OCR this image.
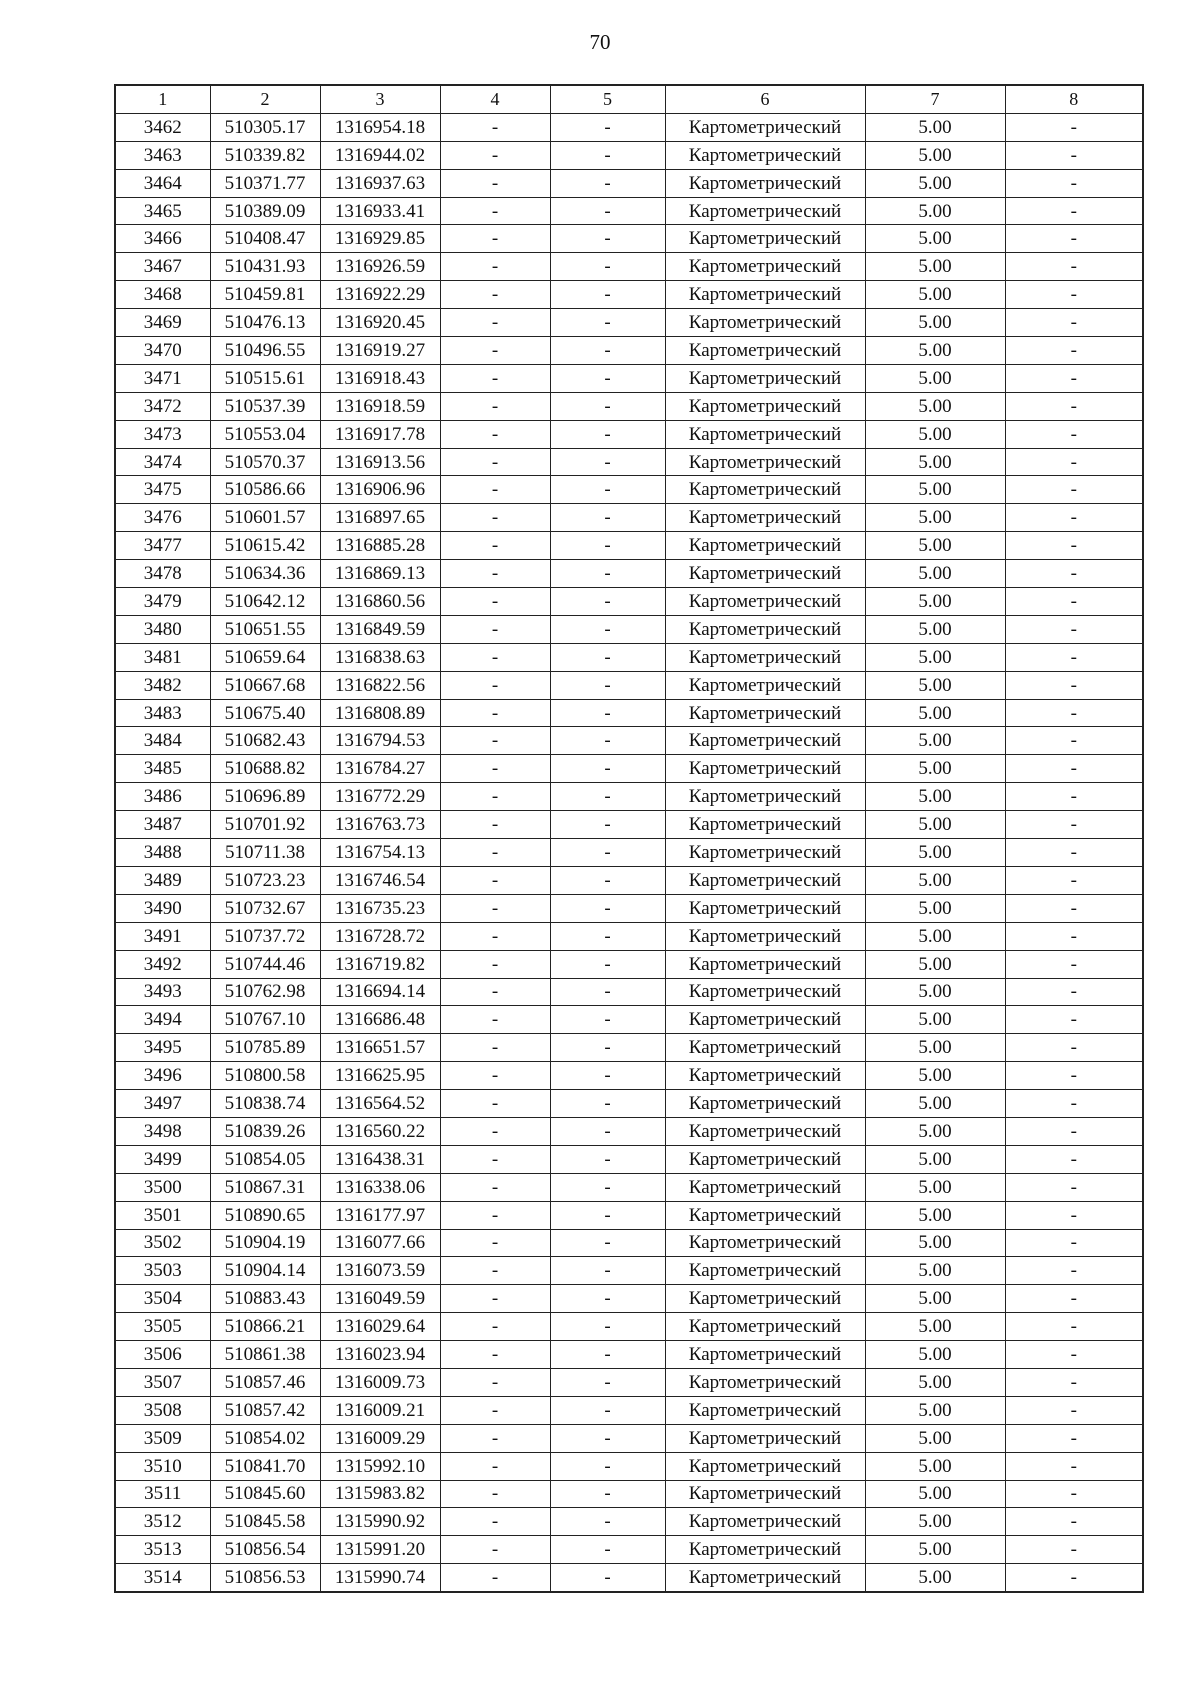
70
1	2	3	4	5	6	7	8
3462	510305.17	1316954.18	-	-	Картометрический	5.00	-
3463	510339.82	1316944.02	-	-	Картометрический	5.00	-
3464	510371.77	1316937.63	-	-	Картометрический	5.00	-
3465	510389.09	1316933.41	-	-	Картометрический	5.00	-
3466	510408.47	1316929.85	-	-	Картометрический	5.00	-
3467	510431.93	1316926.59	-	-	Картометрический	5.00	-
3468	510459.81	1316922.29	-	-	Картометрический	5.00	-
3469	510476.13	1316920.45	-	-	Картометрический	5.00	-
3470	510496.55	1316919.27	-	-	Картометрический	5.00	-
3471	510515.61	1316918.43	-	-	Картометрический	5.00	-
3472	510537.39	1316918.59	-	-	Картометрический	5.00	-
3473	510553.04	1316917.78	-	-	Картометрический	5.00	-
3474	510570.37	1316913.56	-	-	Картометрический	5.00	-
3475	510586.66	1316906.96	-	-	Картометрический	5.00	-
3476	510601.57	1316897.65	-	-	Картометрический	5.00	-
3477	510615.42	1316885.28	-	-	Картометрический	5.00	-
3478	510634.36	1316869.13	-	-	Картометрический	5.00	-
3479	510642.12	1316860.56	-	-	Картометрический	5.00	-
3480	510651.55	1316849.59	-	-	Картометрический	5.00	-
3481	510659.64	1316838.63	-	-	Картометрический	5.00	-
3482	510667.68	1316822.56	-	-	Картометрический	5.00	-
3483	510675.40	1316808.89	-	-	Картометрический	5.00	-
3484	510682.43	1316794.53	-	-	Картометрический	5.00	-
3485	510688.82	1316784.27	-	-	Картометрический	5.00	-
3486	510696.89	1316772.29	-	-	Картометрический	5.00	-
3487	510701.92	1316763.73	-	-	Картометрический	5.00	-
3488	510711.38	1316754.13	-	-	Картометрический	5.00	-
3489	510723.23	1316746.54	-	-	Картометрический	5.00	-
3490	510732.67	1316735.23	-	-	Картометрический	5.00	-
3491	510737.72	1316728.72	-	-	Картометрический	5.00	-
3492	510744.46	1316719.82	-	-	Картометрический	5.00	-
3493	510762.98	1316694.14	-	-	Картометрический	5.00	-
3494	510767.10	1316686.48	-	-	Картометрический	5.00	-
3495	510785.89	1316651.57	-	-	Картометрический	5.00	-
3496	510800.58	1316625.95	-	-	Картометрический	5.00	-
3497	510838.74	1316564.52	-	-	Картометрический	5.00	-
3498	510839.26	1316560.22	-	-	Картометрический	5.00	-
3499	510854.05	1316438.31	-	-	Картометрический	5.00	-
3500	510867.31	1316338.06	-	-	Картометрический	5.00	-
3501	510890.65	1316177.97	-	-	Картометрический	5.00	-
3502	510904.19	1316077.66	-	-	Картометрический	5.00	-
3503	510904.14	1316073.59	-	-	Картометрический	5.00	-
3504	510883.43	1316049.59	-	-	Картометрический	5.00	-
3505	510866.21	1316029.64	-	-	Картометрический	5.00	-
3506	510861.38	1316023.94	-	-	Картометрический	5.00	-
3507	510857.46	1316009.73	-	-	Картометрический	5.00	-
3508	510857.42	1316009.21	-	-	Картометрический	5.00	-
3509	510854.02	1316009.29	-	-	Картометрический	5.00	-
3510	510841.70	1315992.10	-	-	Картометрический	5.00	-
3511	510845.60	1315983.82	-	-	Картометрический	5.00	-
3512	510845.58	1315990.92	-	-	Картометрический	5.00	-
3513	510856.54	1315991.20	-	-	Картометрический	5.00	-
3514	510856.53	1315990.74	-	-	Картометрический	5.00	-
